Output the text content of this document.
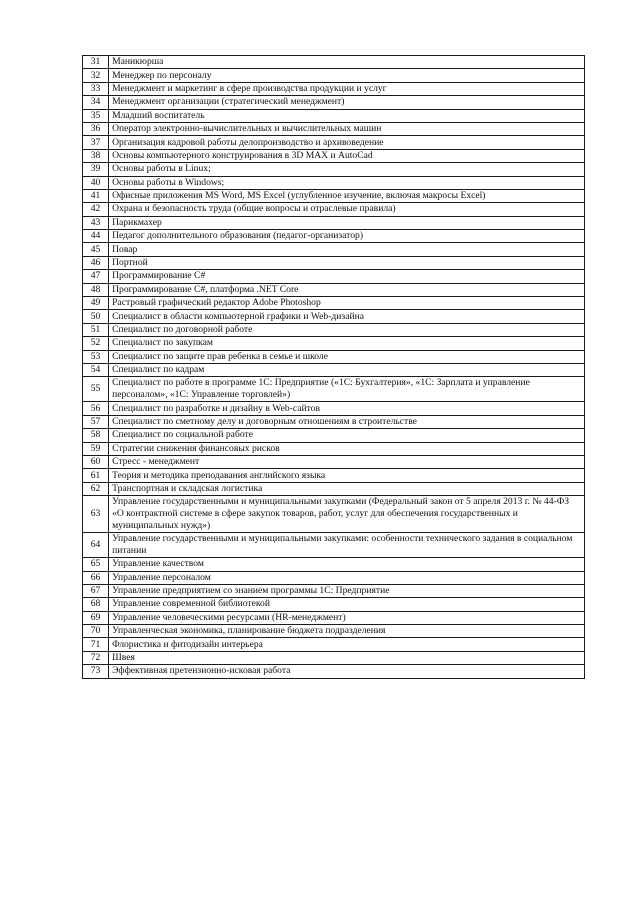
31	Маникюрша
32	Менеджер по персоналу
33	Менеджмент и маркетинг в сфере производства продукции и услуг
34	Менеджмент организации (стратегический менеджмент)
35	Младший воспитатель
36	Оператор электронно-вычислительных и вычислительных машин
37	Организация кадровой работы делопроизводство и архивоведение
38	Основы компьютерного конструирования в 3D MAX и AutoCad
39	Основы работы в Linux;
40	Основы работы в Windows;
41	Офисные приложения MS Word, MS Excel (углубленное изучение, включая макросы Excel)
42	Охрана и безопасность труда (общие вопросы и отраслевые правила)
43	Парикмахер
44	Педагог дополнительного образования (педагог-организатор)
45	Повар
46	Портной
47	Программирование C#
48	Программирование C#, платформа .NET Core
49	Растровый графический редактор Adobe Photoshop
50	Специалист в области компьютерной графики и Web-дизайна
51	Специалист по договорной работе
52	Специалист по закупкам
53	Специалист по защите прав ребенка в семье и школе
54	Специалист по кадрам
55	Специалист по работе в программе 1С: Предприятие («1С: Бухгалтерия», «1С: Зарплата и управление персоналом», «1С: Управление торговлей»)
56	Специалист по разработке и дизайну в Web-сайтов
57	Специалист по сметному делу и договорным отношениям в строительстве
58	Специалист по социальной работе
59	Стратегии снижения финансовых рисков
60	Стресс - менеджмент
61	Теория и методика преподавания английского языка
62	Транспортная и складская логистика
63	Управление государственными и муниципальными закупками (Федеральный закон от 5 апреля 2013 г. № 44-ФЗ «О контрактной системе в сфере закупок товаров, работ, услуг для обеспечения государственных и муниципальных нужд»)
64	Управление государственными и муниципальными закупками: особенности технического задания в социальном питании
65	Управление качеством
66	Управление персоналом
67	Управление предприятием со знанием программы 1С: Предприятие
68	Управление современной библиотекой
69	Управление человеческими ресурсами (HR-менеджмент)
70	Управленческая экономика, планирование бюджета подразделения
71	Флористика и фитодизайн интерьера
72	Швея
73	Эффективная претензионно-исковая работа
